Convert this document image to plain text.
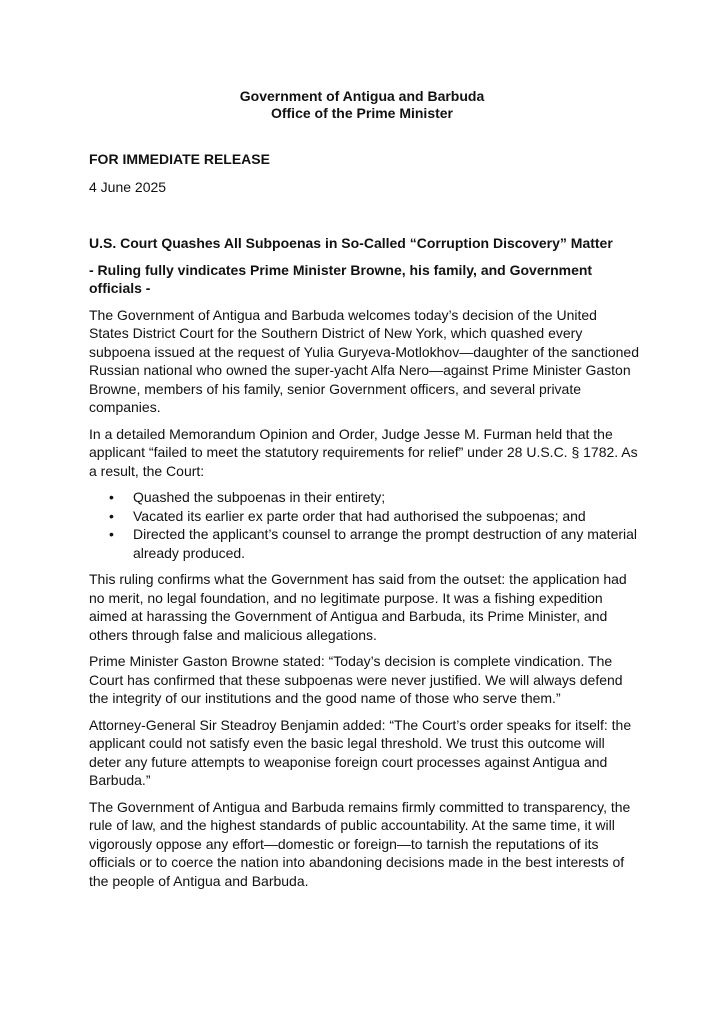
Government of Antigua and Barbuda
Office of the Prime Minister
FOR IMMEDIATE RELEASE
4 June 2025
U.S. Court Quashes All Subpoenas in So-Called “Corruption Discovery” Matter
- Ruling fully vindicates Prime Minister Browne, his family, and Government officials -

The Government of Antigua and Barbuda welcomes today’s decision of the United States District Court for the Southern District of New York, which quashed every subpoena issued at the request of Yulia Guryeva-Motlokhov—daughter of the sanctioned Russian national who owned the super-yacht Alfa Nero—against Prime Minister Gaston Browne, members of his family, senior Government officers, and several private companies.

In a detailed Memorandum Opinion and Order, Judge Jesse M. Furman held that the applicant “failed to meet the statutory requirements for relief” under 28 U.S.C. § 1782. As a result, the Court:

• Quashed the subpoenas in their entirety;
• Vacated its earlier ex parte order that had authorised the subpoenas; and
• Directed the applicant’s counsel to arrange the prompt destruction of any material already produced.

This ruling confirms what the Government has said from the outset: the application had no merit, no legal foundation, and no legitimate purpose. It was a fishing expedition aimed at harassing the Government of Antigua and Barbuda, its Prime Minister, and others through false and malicious allegations.

Prime Minister Gaston Browne stated: “Today’s decision is complete vindication. The Court has confirmed that these subpoenas were never justified. We will always defend the integrity of our institutions and the good name of those who serve them.”

Attorney-General Sir Steadroy Benjamin added: “The Court’s order speaks for itself: the applicant could not satisfy even the basic legal threshold. We trust this outcome will deter any future attempts to weaponise foreign court processes against Antigua and Barbuda.”

The Government of Antigua and Barbuda remains firmly committed to transparency, the rule of law, and the highest standards of public accountability. At the same time, it will vigorously oppose any effort—domestic or foreign—to tarnish the reputations of its officials or to coerce the nation into abandoning decisions made in the best interests of the people of Antigua and Barbuda.
